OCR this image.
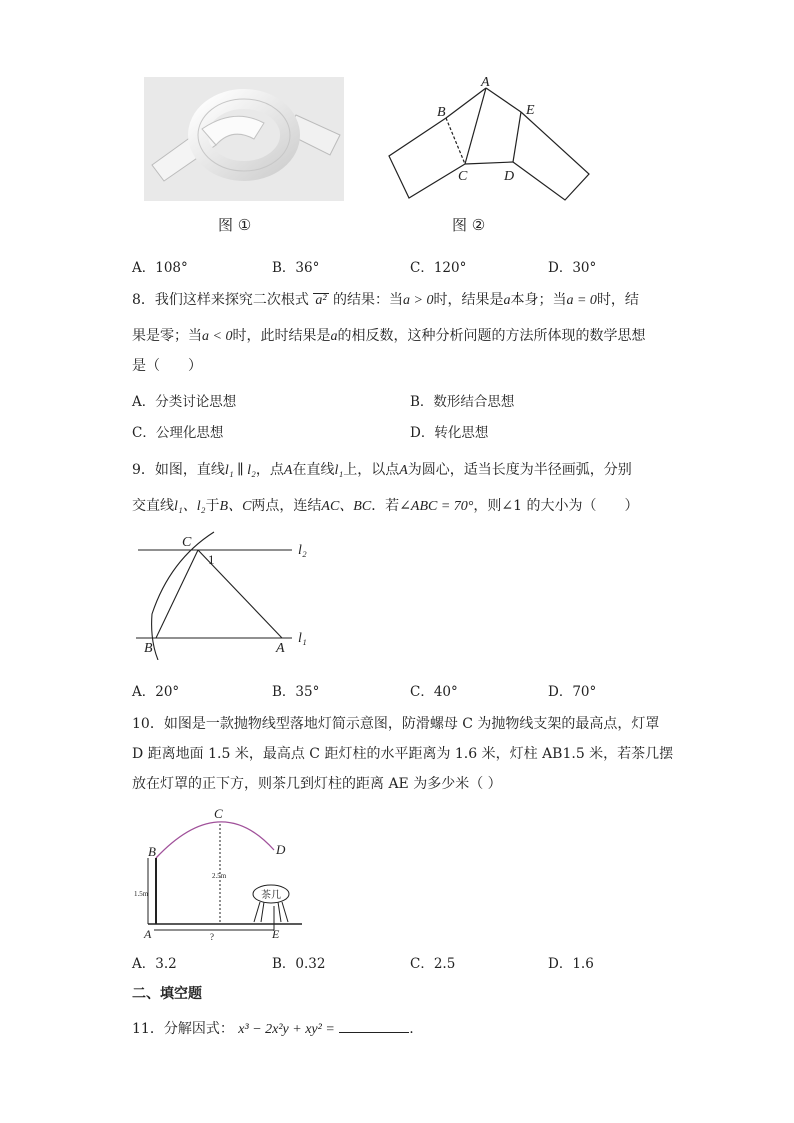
图 ①
A
B
C	D
E
图 ②
A．108°	B．36°	C．120°	D．30°
8．我们这样来探究二次根式 a² 的结果：当a > 0时，结果是a本身；当a = 0时，结
果是零；当a < 0时，此时结果是a的相反数，这种分析问题的方法所体现的数学思想
是（　　）
A．分类讨论思想	B．数形结合思想
C．公理化思想	D．转化思想
9．如图，直线l₁ ∥ l₂，点A在直线l₁上，以点A为圆心，适当长度为半径画弧，分别
交直线l₁、l₂于B、C两点，连结AC、BC．若∠ABC = 70°，则∠1 的大小为（　　）
C
1
B	A
l₂
l₁
A．20°	B．35°	C．40°	D．70°
10．如图是一款抛物线型落地灯简示意图，防滑螺母 C 为抛物线支架的最高点，灯罩
D 距离地面 1.5 米，最高点 C 距灯柱的水平距离为 1.6 米，灯柱 AB1.5 米，若茶几摆
放在灯罩的正下方，则茶几到灯柱的距离 AE 为多少米（ ）
C
B	D
A	E
1.5m
2.5m
茶几
?
A．3.2	B．0.32	C．2.5	D．1.6
二、填空题
11．分解因式： x³ − 2x²y + xy² =	.
